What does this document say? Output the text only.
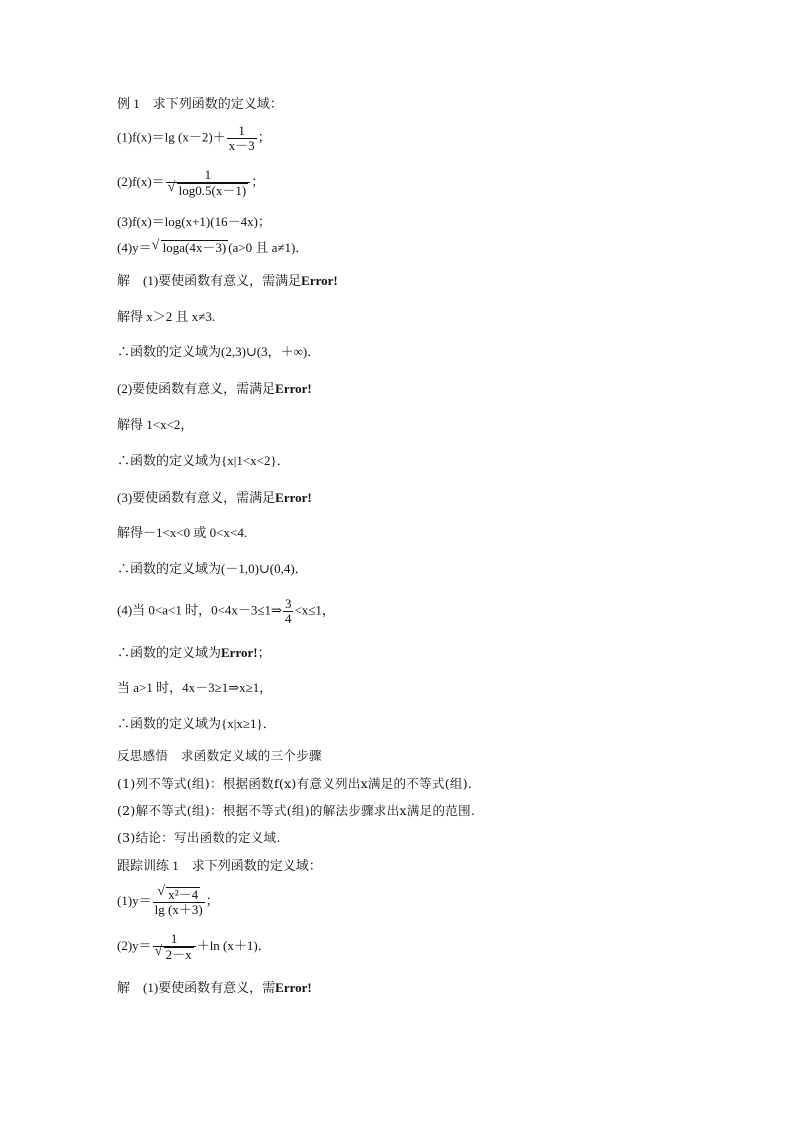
例 1　求下列函数的定义域：
(1)f(x)＝lg $(x-2)+ \frac{1}{x-3}$ ；
$(2)f(x)= \frac{1}{√ \log 0.5(x-1)}$ ；
(3)f(x)＝log(x+1)(16－4x)；
(4)y＝ √ loga(4x－3) (a>0 且 a≠1)．
解　(1)要使函数有意义，需满足Error!
解得 x＞2 且 x≠3.
∴函数的定义域为(2,3)∪(3，＋∞)．
(2)要使函数有意义，需满足Error!
解得 1<x<2，
∴函数的定义域为{x|1<x<2}．
(3)要使函数有意义，需满足Error!
解得－1<x<0 或 0<x<4.
∴函数的定义域为(－1,0)∪(0,4)．
(4)当 0<a<1 时，0<4x－3≤1⇒ $\frac{3}{4} <x\le 1$，
∴函数的定义域为Error!；
当 a>1 时，4x－3≥1⇒x≥1，
∴函数的定义域为{x|x≥1}．
反思感悟　求函数定义域的三个步骤
(1)列不等式(组)：根据函数f(x)有意义列出x满足的不等式(组).
(2)解不等式(组)：根据不等式(组)的解法步骤求出x满足的范围.
(3)结论：写出函数的定义域.
跟踪训练 1　求下列函数的定义域：
$(1)y= \frac{\text{√ x²－4}}{\lg (x+3)}$ ；
$(2)y= \frac{1}{√ 2-x} +\ln$ (x＋1)．
解　(1)要使函数有意义，需Error!
